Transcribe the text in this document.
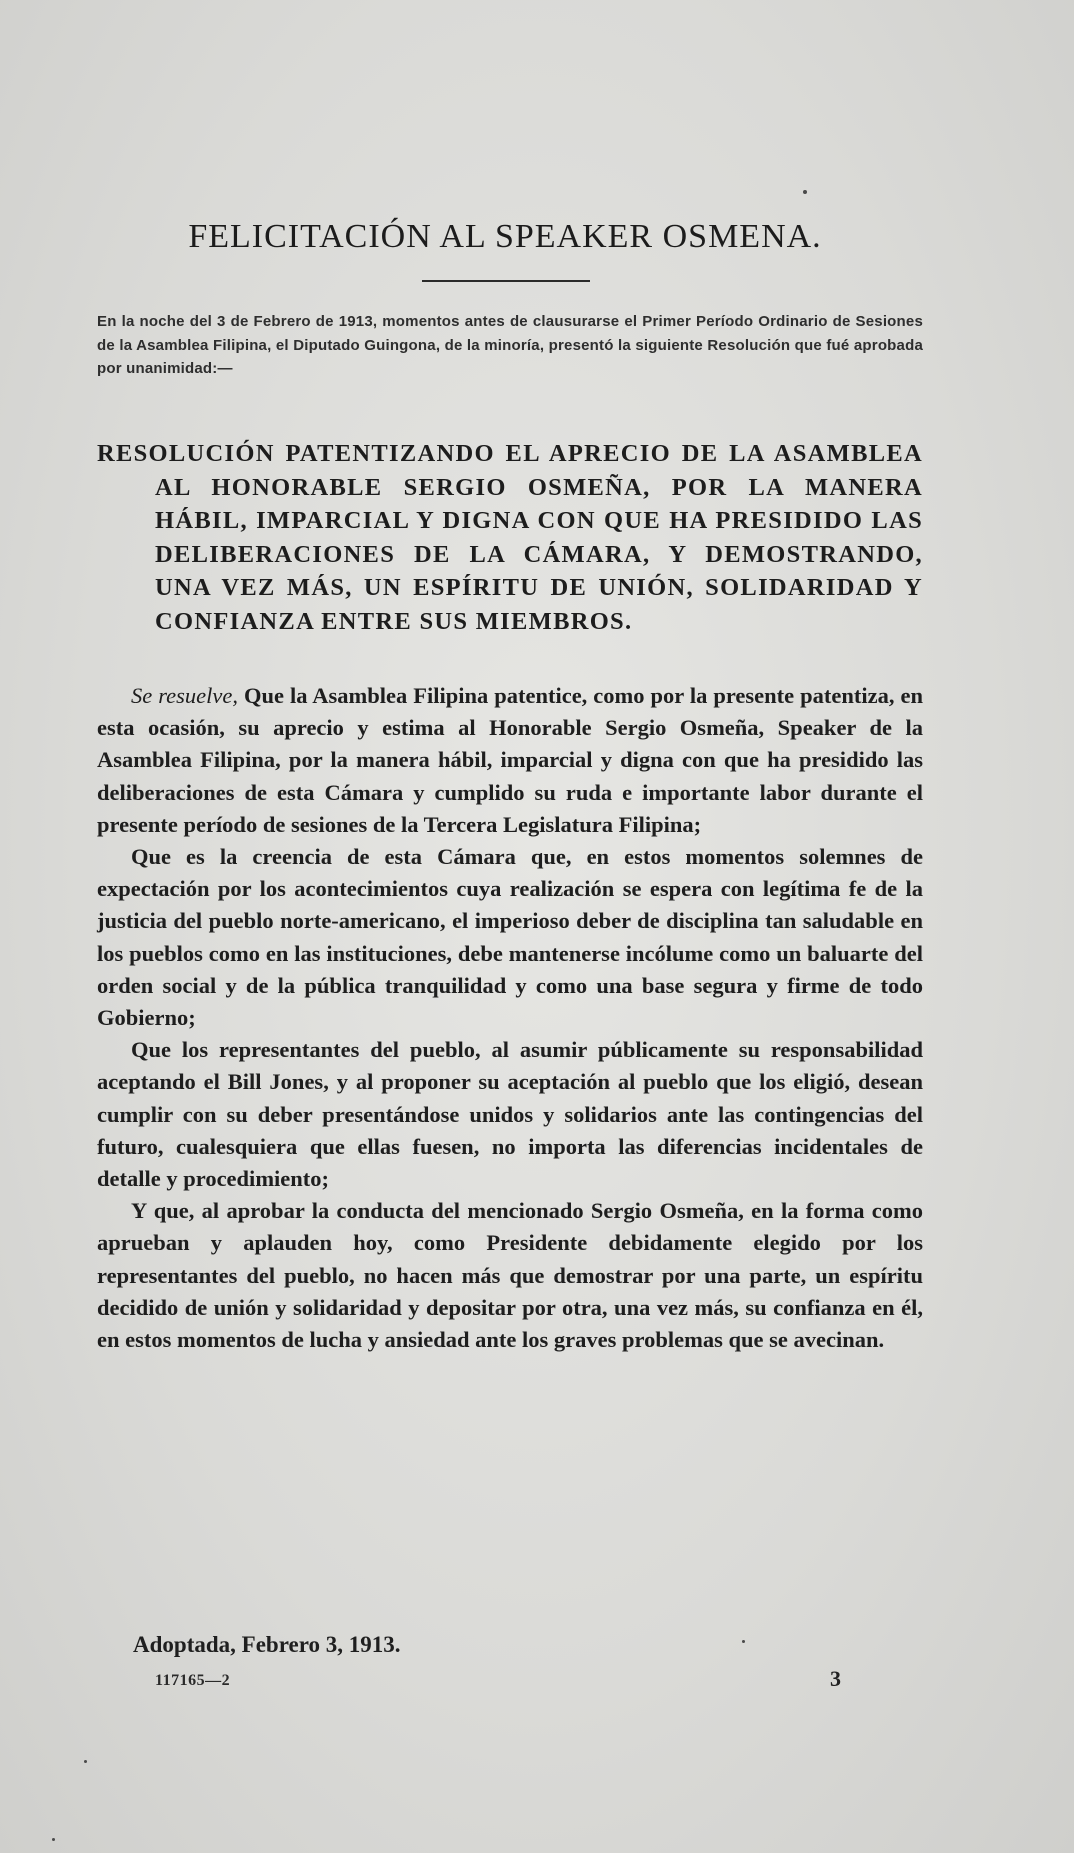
FELICITACIÓN AL SPEAKER OSMENA.
En la noche del 3 de Febrero de 1913, momentos antes de clausurarse el Primer Período Ordinario de Sesiones de la Asamblea Filipina, el Diputado Guingona, de la minoría, presentó la siguiente Resolución que fué aprobada por unanimidad:—
RESOLUCIÓN PATENTIZANDO EL APRECIO DE LA ASAMBLEA AL HONORABLE SERGIO OSMEÑA, POR LA MANERA HÁBIL, IMPARCIAL Y DIGNA CON QUE HA PRESIDIDO LAS DELIBERACIONES DE LA CÁMARA, Y DEMOSTRANDO, UNA VEZ MÁS, UN ESPÍRITU DE UNIÓN, SOLIDARIDAD Y CONFIANZA ENTRE SUS MIEMBROS.

Se resuelve, Que la Asamblea Filipina patentice, como por la presente patentiza, en esta ocasión, su aprecio y estima al Honorable Sergio Osmeña, Speaker de la Asamblea Filipina, por la manera hábil, imparcial y digna con que ha presidido las deliberaciones de esta Cámara y cumplido su ruda e importante labor durante el presente período de sesiones de la Tercera Legislatura Filipina;

Que es la creencia de esta Cámara que, en estos momentos solemnes de expectación por los acontecimientos cuya realización se espera con legítima fe de la justicia del pueblo norte-americano, el imperioso deber de disciplina tan saludable en los pueblos como en las instituciones, debe mantenerse incólume como un baluarte del orden social y de la pública tranquilidad y como una base segura y firme de todo Gobierno;

Que los representantes del pueblo, al asumir públicamente su responsabilidad aceptando el Bill Jones, y al proponer su aceptación al pueblo que los eligió, desean cumplir con su deber presentándose unidos y solidarios ante las contingencias del futuro, cualesquiera que ellas fuesen, no importa las diferencias incidentales de detalle y procedimiento;

Y que, al aprobar la conducta del mencionado Sergio Osmeña, en la forma como aprueban y aplauden hoy, como Presidente debidamente elegido por los representantes del pueblo, no hacen más que demostrar por una parte, un espíritu decidido de unión y solidaridad y depositar por otra, una vez más, su confianza en él, en estos momentos de lucha y ansiedad ante los graves problemas que se avecinan.

Adoptada, Febrero 3, 1913.
117165—2	3
